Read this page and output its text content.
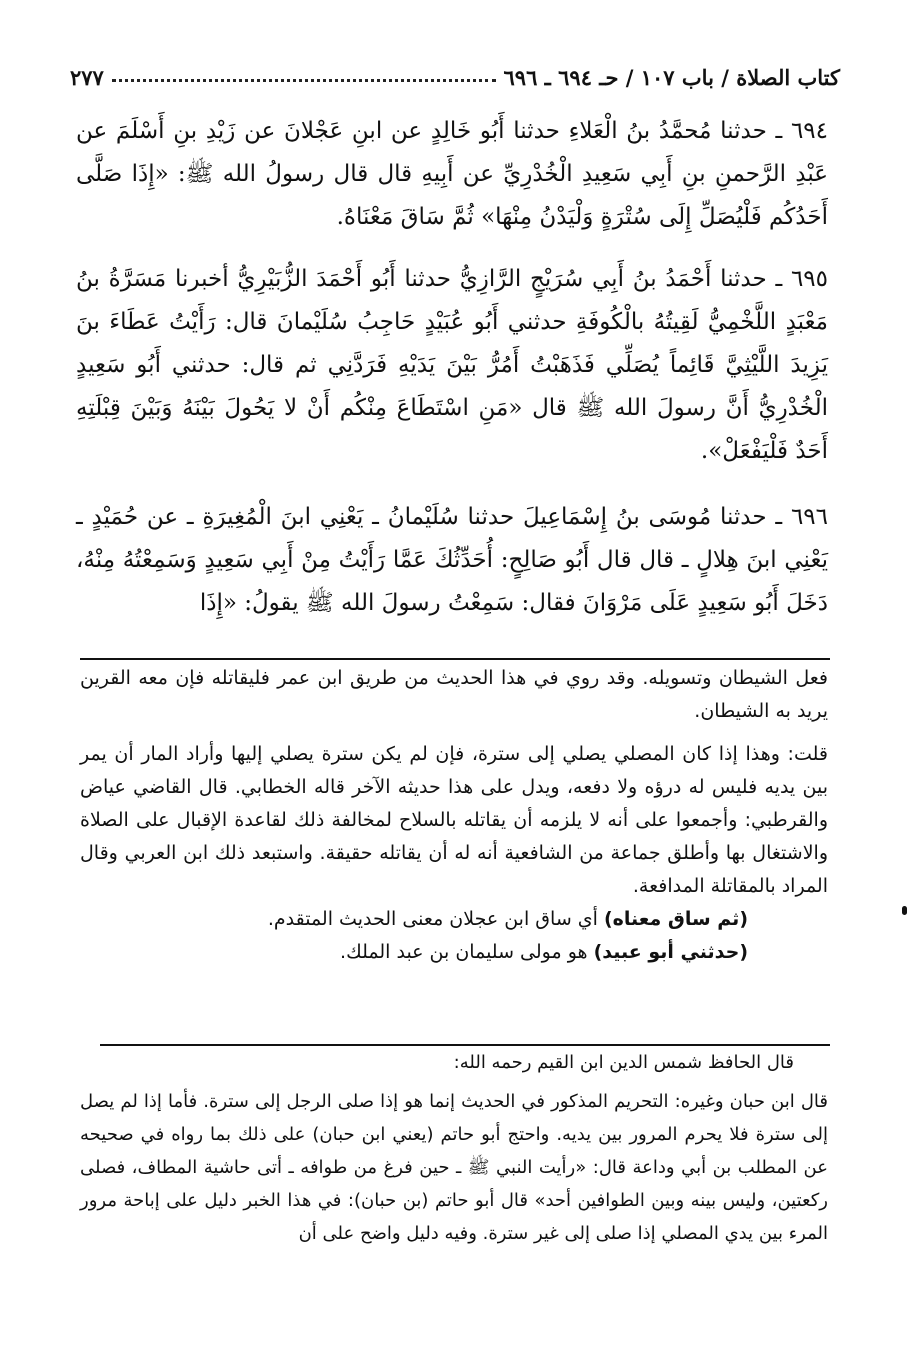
كتاب الصلاة / باب ١٠٧ / حـ ٦٩٤ ـ ٦٩٦
٢٧٧

٦٩٤ ـ حدثنا مُحمَّدُ بنُ الْعَلاءِ حدثنا أَبُو خَالِدٍ عن ابنِ عَجْلانَ عن زَيْدِ بنِ أَسْلَمَ عن عَبْدِ الرَّحمنِ بنِ أَبِي سَعِيدِ الْخُدْرِيِّ عن أَبِيهِ قال قال رسولُ الله ﷺ: «إِذَا صَلَّى أَحَدُكُم فَلْيُصَلِّ إِلَى سُتْرَةٍ وَلْيَدْنُ مِنْهَا» ثُمَّ سَاقَ مَعْنَاهُ.

٦٩٥ ـ حدثنا أَحْمَدُ بنُ أَبِي سُرَيْجٍ الرَّازِيُّ حدثنا أَبُو أَحْمَدَ الزُّبَيْرِيُّ أخبرنا مَسَرَّةُ بنُ مَعْبَدٍ اللَّخْمِيُّ لَقِيتُهُ بالْكُوفَةِ حدثني أَبُو عُبَيْدٍ حَاجِبُ سُلَيْمانَ قال: رَأَيْتُ عَطَاءَ بنَ يَزِيدَ اللَّيْثِيَّ قَائِماً يُصَلِّي فَذَهَبْتُ أَمُرُّ بَيْنَ يَدَيْهِ فَرَدَّنِي ثم قال: حدثني أَبُو سَعِيدٍ الْخُدْرِيُّ أَنَّ رسولَ الله ﷺ قال «مَنِ اسْتَطَاعَ مِنْكُم أَنْ لا يَحُولَ بَيْنَهُ وَبَيْنَ قِبْلَتِهِ أَحَدٌ فَلْيَفْعَلْ».

٦٩٦ ـ حدثنا مُوسَى بنُ إِسْمَاعِيلَ حدثنا سُلَيْمانُ ـ يَعْنِي ابنَ الْمُغِيرَةِ ـ عن حُمَيْدٍ ـ يَعْنِي ابنَ هِلالٍ ـ قال قال أَبُو صَالِحٍ: أُحَدِّثُكَ عَمَّا رَأَيْتُ مِنْ أَبِي سَعِيدٍ وَسَمِعْتُهُ مِنْهُ، دَخَلَ أَبُو سَعِيدٍ عَلَى مَرْوَانَ فقال: سَمِعْتُ رسولَ الله ﷺ يقولُ: «إِذَا

فعل الشيطان وتسويله. وقد روي في هذا الحديث من طريق ابن عمر فليقاتله فإن معه القرين يريد به الشيطان.

قلت: وهذا إذا كان المصلي يصلي إلى سترة، فإن لم يكن سترة يصلي إليها وأراد المار أن يمر بين يديه فليس له درؤه ولا دفعه، ويدل على هذا حديثه الآخر قاله الخطابي. قال القاضي عياض والقرطبي: وأجمعوا على أنه لا يلزمه أن يقاتله بالسلاح لمخالفة ذلك لقاعدة الإقبال على الصلاة والاشتغال بها وأطلق جماعة من الشافعية أنه له أن يقاتله حقيقة. واستبعد ذلك ابن العربي وقال المراد بالمقاتلة المدافعة.

(ثم ساق معناه) أي ساق ابن عجلان معنى الحديث المتقدم.

(حدثني أبو عبيد) هو مولى سليمان بن عبد الملك.

قال الحافظ شمس الدين ابن القيم رحمه الله:

قال ابن حبان وغيره: التحريم المذكور في الحديث إنما هو إذا صلى الرجل إلى سترة. فأما إذا لم يصل إلى سترة فلا يحرم المرور بين يديه. واحتج أبو حاتم (يعني ابن حبان) على ذلك بما رواه في صحيحه عن المطلب بن أبي وداعة قال: «رأيت النبي ﷺ ـ حين فرغ من طوافه ـ أتى حاشية المطاف، فصلى ركعتين، وليس بينه وبين الطوافين أحد» قال أبو حاتم (بن حبان): في هذا الخبر دليل على إباحة مرور المرء بين يدي المصلي إذا صلى إلى غير سترة. وفيه دليل واضح على أن
